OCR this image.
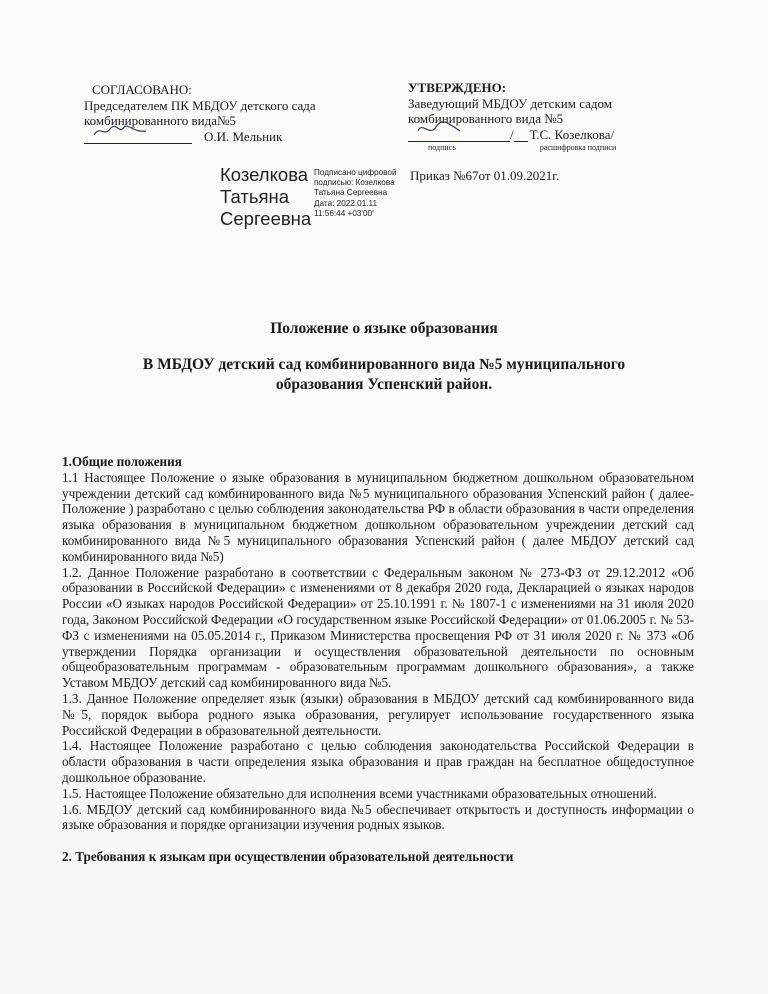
СОГЛАСОВАНО:
Председателем ПК МБДОУ детского сада
комбинированного вида№5
О.И. Мельник
УТВЕРЖДЕНО:
Заведующий МБДОУ детским садом
комбинированного вида №5
/ Т.С. Козелкова/
подпись	расшифровка подписи
Козелкова
Татьяна
Сергеевна
Подписано цифровой
подписью: Козелкова
Татьяна Сергеевна
Дата: 2022.01.11
11:56:44 +03'00'
Приказ №67от 01.09.2021г.
Положение о языке образования
В МБДОУ детский сад комбинированного вида №5 муниципального
образования Успенский район.

1.Общие положения

1.1 Настоящее Положение о языке образования в муниципальном бюджетном дошкольном образовательном учреждении детский сад комбинированного вида №5 муниципального образования Успенский район ( далее- Положение ) разработано с целью соблюдения законодательства РФ в области образования в части определения языка образования в муниципальном бюджетном дошкольном образовательном учреждении детский сад комбинированного вида №5 муниципального образования Успенский район ( далее МБДОУ детский сад комбинированного вида №5)

1.2. Данное Положение разработано в соответствии с Федеральным законом № 273-ФЗ от 29.12.2012 «Об образовании в Российской Федерации» с изменениями от 8 декабря 2020 года, Декларацией о языках народов России «О языках народов Российской Федерации» от 25.10.1991 г. № 1807-1 с изменениями на 31 июля 2020 года, Законом Российской Федерации «О государственном языке Российской Федерации» от 01.06.2005 г. № 53-ФЗ с изменениями на 05.05.2014 г., Приказом Министерства просвещения РФ от 31 июля 2020 г. № 373 «Об утверждении Порядка организации и осуществления образовательной деятельности по основным общеобразовательным программам - образовательным программам дошкольного образования», а также Уставом МБДОУ детский сад комбинированного вида №5.

1.3. Данное Положение определяет язык (языки) образования в МБДОУ детский сад комбинированного вида №5, порядок выбора родного языка образования, регулирует использование государственного языка Российской Федерации в образовательной деятельности.

1.4. Настоящее Положение разработано с целью соблюдения законодательства Российской Федерации в области образования в части определения языка образования и прав граждан на бесплатное общедоступное дошкольное образование.

1.5. Настоящее Положение обязательно для исполнения всеми участниками образовательных отношений.

1.6. МБДОУ детский сад комбинированного вида №5 обеспечивает открытость и доступность информации о языке образования и порядке организации изучения родных языков.

2. Требования к языкам при осуществлении образовательной деятельности
